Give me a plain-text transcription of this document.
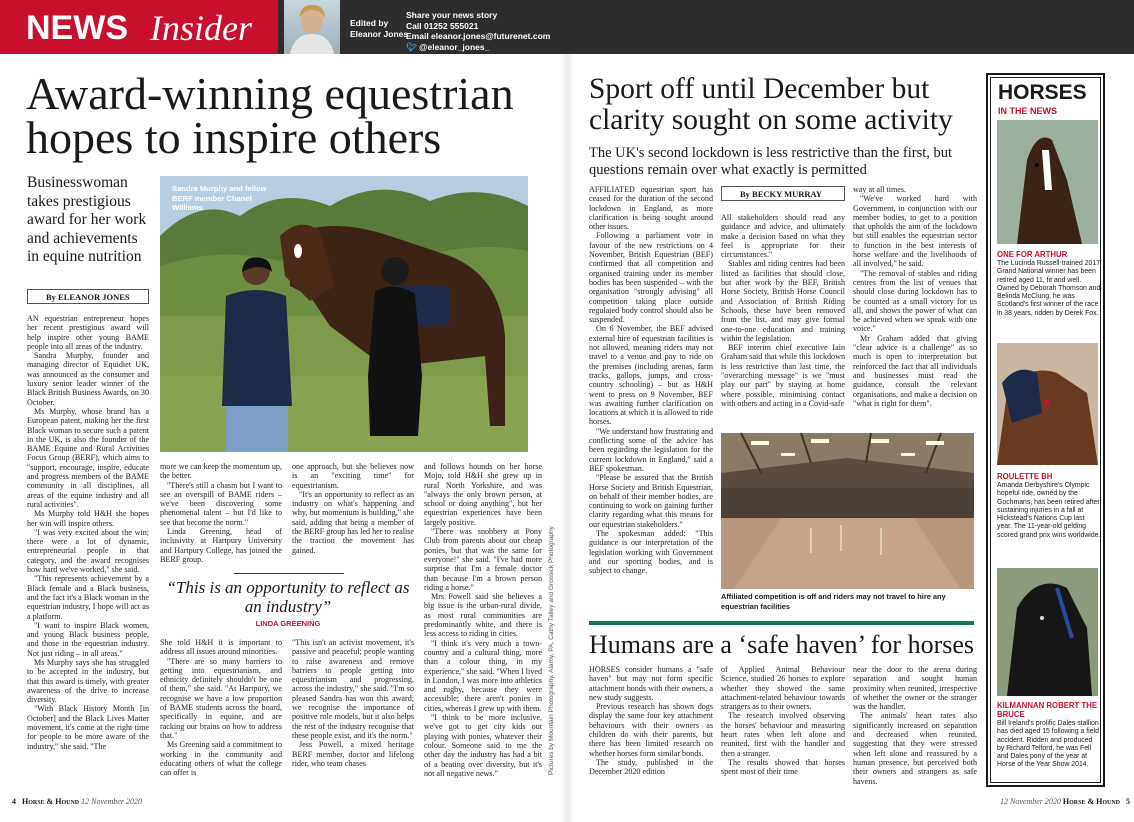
NEWS Insider	Edited by
Eleanor Jones
Share your news story
Call 01252 555021
Email eleanor.jones@futurenet.com
🐦︎ @eleanor_jones_
Award-winning equestrian hopes to inspire others
Businesswoman takes prestigious award for her work and achievements in equine nutrition
By ELEANOR JONES
Sandra Murphy and fellow BERF member Chanel Williams

AN equestrian entrepreneur hopes her recent prestigious award will help inspire other young BAME people into all areas of the industry.

Sandra Murphy, founder and managing director of Equidiet UK, was announced as the consumer and luxury senior leader winner of the Black British Business Awards, on 30 October.

Ms Murphy, whose brand has a European patent, making her the first Black woman to secure such a patent in the UK, is also the founder of the BAME Equine and Rural Activities Focus Group (BERF), which aims to "support, encourage, inspire, educate and progress members of the BAME community in all disciplines, all areas of the equine industry and all rural activities".

Ms Murphy told H&H she hopes her win will inspire others.

"I was very excited about the win; there were a lot of dynamic, entrepreneurial people in that category, and the award recognises how hard we've worked," she said.

"This represents achievement by a Black female and a Black business, and the fact it's a Black woman in the equestrian industry, I hope will act as a platform.

"I want to inspire Black women, and young Black business people, and those in the equestrian industry. Not just riding – in all areas."

Ms Murphy says she has struggled to be accepted in the industry, but that this award is timely, with greater awareness of the drive to increase diversity.

"With Black History Month [in October] and the Black Lives Matter movement, it's come at the right time for people to be more aware of the industry," she said. "The

more we can keep the momentum up, the better.

"There's still a chasm but I want to see an overspill of BAME riders – we've been discovering some phenomenal talent – but I'd like to see that become the norm."

Linda Greening, head of inclusivity at Hartpury University and Hartpury College, has joined the BERF group.

one approach, but she believes now is an "exciting time" for equestrianism.

"It's an opportunity to reflect as an industry on what's happening and why, but momentum is building," she said, adding that being a member of the BERF group has led her to realise the traction the movement has gained.

“This is an opportunity to reflect as an industry”
LINDA GREENING

She told H&H it is important to address all issues around minorities.

"There are so many barriers to getting into equestrianism, and ethnicity definitely shouldn't be one of them," she said. "At Hartpury, we recognise we have a low proportion of BAME students across the board, specifically in equine, and are racking our brains on how to address that."

Ms Greening said a commitment to working in the community and educating others of what the college can offer is

"This isn't an activist movement, it's passive and peaceful; people wanting to raise awareness and remove barriers to people getting into equestrianism and progressing, across the industry," she said. "I'm so pleased Sandra has won this award; we recognise the importance of positive role models, but it also helps the rest of the industry recognise that these people exist, and it's the norm."

Jess Powell, a mixed heritage BERF member, doctor and lifelong rider, who team chases

and follows hounds on her horse Mojo, told H&H she grew up in rural North Yorkshire, and was "always the only brown person, at school or doing anything", but her equestrian experiences have been largely positive.

"There was snobbery at Pony Club from parents about our cheap ponies, but that was the same for everyone!" she said. "I've had more surprise that I'm a female doctor than because I'm a brown person riding a horse."

Mrs Powell said she believes a big issue is the urban-rural divide, as most rural communities are predominantly white, and there is less access to riding in cities.

"I think it's very much a town-country and a cultural thing, more than a colour thing, in my experience," she said. "When I lived in London, I was more into athletics and rugby, because they were accessible; there aren't ponies in cities, whereas I grew up with them.

"I think to be more inclusive, we've got to get city kids out playing with ponies, whatever their colour. Someone said to me the other day the industry has had a bit of a beating over diversity, but it's not all negative news."	Pictures by Mountain Photography, Alamy, PA, Cathy Talley and Grossick Photography
Sport off until December but clarity sought on some activity
The UK's second lockdown is less restrictive than the first, but questions remain over what exactly is permitted

AFFILIATED equestrian sport has ceased for the duration of the second lockdown in England, as more clarification is being sought around other issues.

Following a parliament vote in favour of the new restrictions on 4 November, British Equestrian (BEF) confirmed that all competition and organised training under its member bodies has been suspended – with the organisation "strongly advising" all competition taking place outside regulated body control should also be suspended.

On 6 November, the BEF advised external hire of equestrian facilities is not allowed, meaning riders may not travel to a venue and pay to ride on the premises (including arenas, farm tracks, gallops, jumps, and cross-country schooling) – but as H&H went to press on 9 November, BEF was awaiting further clarification on locations at which it is allowed to ride horses.

"We understand how frustrating and conflicting some of the advice has been regarding the legislation for the current lockdown in England," said a BEF spokesman.

"Please be assured that the British Horse Society and British Equestrian, on behalf of their member bodies, are continuing to work on gaining further clarity regarding what this means for our equestrian stakeholders."

The spokesman added: "This guidance is our interpretation of the legislation working with Government and our sporting bodies, and is subject to change.

By BECKY MURRAY

All stakeholders should read any guidance and advice, and ultimately make a decision based on what they feel is appropriate for their circumstances."

Stables and riding centres had been listed as facilities that should close, but after work by the BEF, British Horse Society, British Horse Council and Association of British Riding Schools, these have been removed from the list, and may give formal one-to-one education and training within the legislation.

BEF interim chief executive Iain Graham said that while this lockdown is less restrictive than last time, the "overarching message" is we "must play our part" by staying at home where possible, minimising contact with others and acting in a Covid-safe

way at all times.

"We've worked hard with Government, in conjunction with our member bodies, to get to a position that upholds the aim of the lockdown but still enables the equestrian sector to function in the best interests of horse welfare and the livelihoods of all involved," he said.

"The removal of stables and riding centres from the list of venues that should close during lockdown has to be counted as a small victory for us all, and shows the power of what can be achieved when we speak with one voice."

Mr Graham added that giving "clear advice is a challenge" as so much is open to interpretation but reinforced the fact that all individuals and businesses must read the guidance, consult the relevant organisations, and make a decision on "what is right for them".

Affiliated competition is off and riders may not travel to hire any equestrian facilities
Humans are a ‘safe haven’ for horses

HORSES consider humans a "safe haven" but may not form specific attachment bonds with their owners, a new study suggests.

Previous research has shown dogs display the same four key attachment behaviours with their owners as children do with their parents, but there has been limited research on whether horses form similar bonds.

The study, published in the December 2020 edition

of Applied Animal Behaviour Science, studied 26 horses to explore whether they showed the same attachment-related behaviour towards strangers as to their owners.

The research involved observing the horses' behaviour and measuring heart rates when left alone and reunited, first with the handler and then a stranger.

The results showed that horses spent most of their time

near the door to the arena during separation and sought human proximity when reunited, irrespective of whether the owner or the stranger was the handler.

The animals' heart rates also significantly increased on separation and decreased when reunited, suggesting that they were stressed when left alone and reassured by a human presence, but perceived both their owners and strangers as safe havens.

HORSES
IN THE NEWS
ONE FOR ARTHUR
The Lucinda Russell-trained 2017 Grand National winner has been retired aged 11, fit and well. Owned by Deborah Thomson and Belinda McClung, he was Scotland's first winner of the race in 38 years, ridden by Derek Fox.
ROULETTE BH
Amanda Derbyshire's Olympic hopeful ride, owned by the Gochmans, has been retired after sustaining injuries in a fall at Hickstead's Nations Cup last year. The 11-year-old gelding scored grand prix wins worldwide.
KILMANNAN ROBERT THE BRUCE
Bill Ireland's prolific Dales stallion has died aged 15 following a field accident. Ridden and produced by Richard Telford, he was Fell and Dales pony of the year at Horse of the Year Show 2014.
4 Horse & Hound 12 November 2020	12 November 2020 Horse & Hound 5
